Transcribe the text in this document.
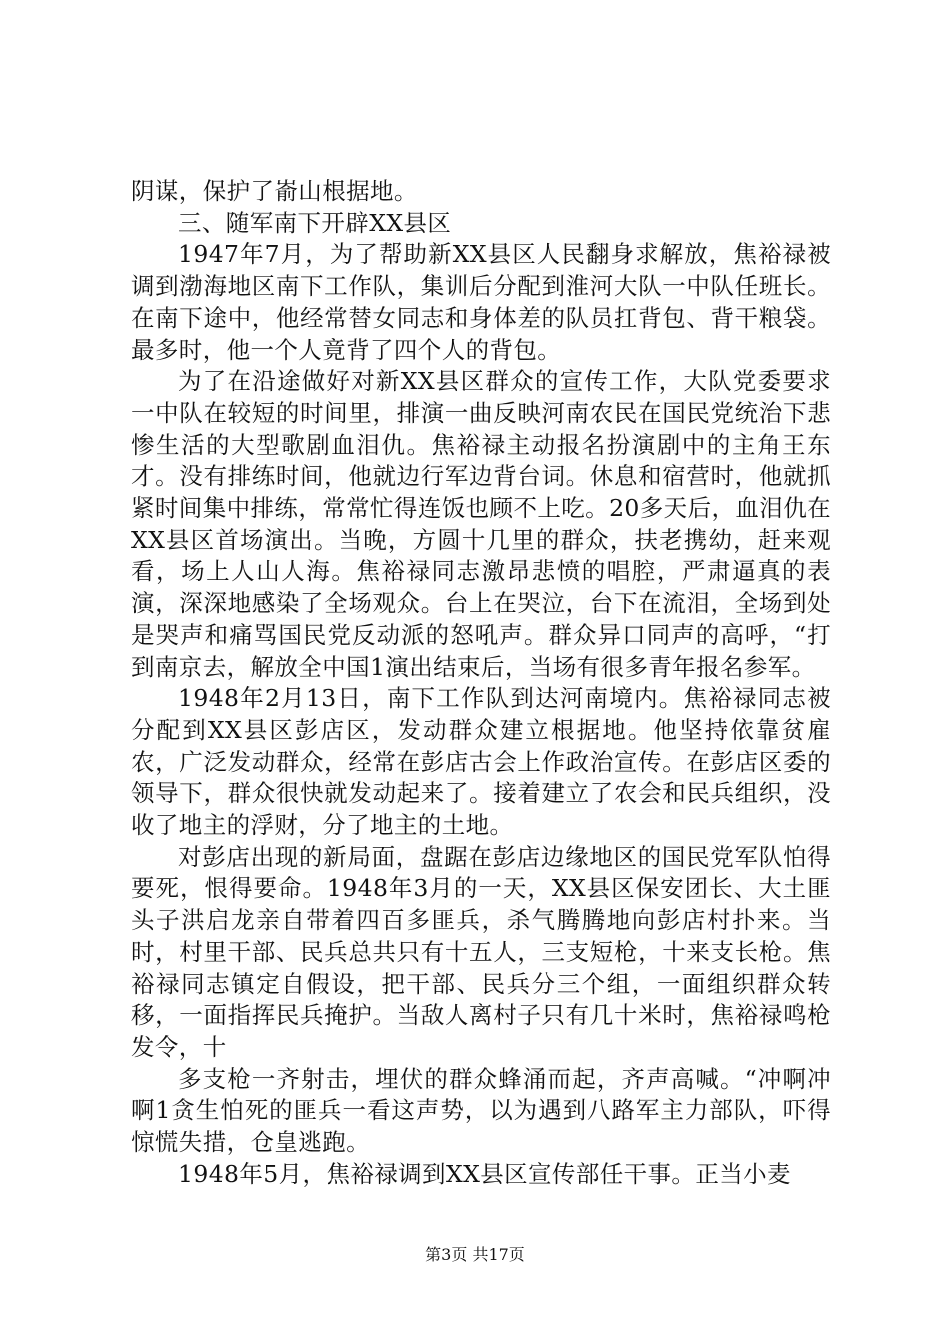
阴谋，保护了嵛山根据地。

三、随军南下开辟XX县区

1947年7月，为了帮助新XX县区人民翻身求解放，焦裕禄被调到渤海地区南下工作队，集训后分配到淮河大队一中队任班长。在南下途中，他经常替女同志和身体差的队员扛背包、背干粮袋。最多时，他一个人竟背了四个人的背包。

为了在沿途做好对新XX县区群众的宣传工作，大队党委要求一中队在较短的时间里，排演一曲反映河南农民在国民党统治下悲惨生活的大型歌剧血泪仇。焦裕禄主动报名扮演剧中的主角王东才。没有排练时间，他就边行军边背台词。休息和宿营时，他就抓紧时间集中排练，常常忙得连饭也顾不上吃。20多天后，血泪仇在XX县区首场演出。当晚，方圆十几里的群众，扶老携幼，赶来观看，场上人山人海。焦裕禄同志激昂悲愤的唱腔，严肃逼真的表演，深深地感染了全场观众。台上在哭泣，台下在流泪，全场到处是哭声和痛骂国民党反动派的怒吼声。群众异口同声的高呼，“打到南京去，解放全中国1演出结束后，当场有很多青年报名参军。

1948年2月13日，南下工作队到达河南境内。焦裕禄同志被分配到XX县区彭店区，发动群众建立根据地。他坚持依靠贫雇农，广泛发动群众，经常在彭店古会上作政治宣传。在彭店区委的领导下，群众很快就发动起来了。接着建立了农会和民兵组织，没收了地主的浮财，分了地主的土地。

对彭店出现的新局面，盘踞在彭店边缘地区的国民党军队怕得要死，恨得要命。1948年3月的一天，XX县区保安团长、大土匪头子洪启龙亲自带着四百多匪兵，杀气腾腾地向彭店村扑来。当时，村里干部、民兵总共只有十五人，三支短枪，十来支长枪。焦裕禄同志镇定自假设，把干部、民兵分三个组，一面组织群众转移，一面指挥民兵掩护。当敌人离村子只有几十米时，焦裕禄鸣枪发令，十

多支枪一齐射击，埋伏的群众蜂涌而起，齐声高喊。“冲啊冲啊1贪生怕死的匪兵一看这声势，以为遇到八路军主力部队，吓得惊慌失措，仓皇逃跑。

1948年5月，焦裕禄调到XX县区宣传部任干事。正当小麦

第3页 共17页
